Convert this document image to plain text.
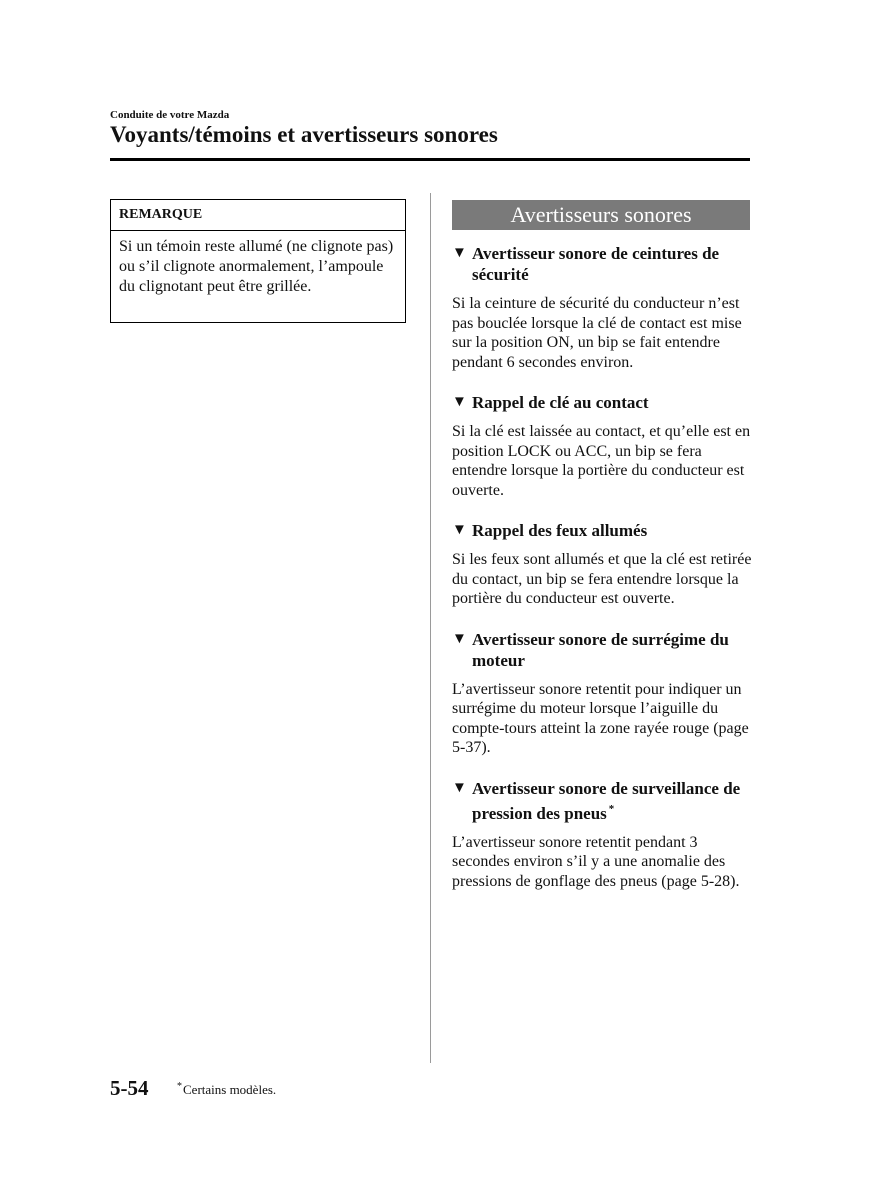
Conduite de votre Mazda
Voyants/témoins et avertisseurs sonores
REMARQUE
Si un témoin reste allumé (ne clignote pas) ou s’il clignote anormalement, l’ampoule du clignotant peut être grillée.
Avertisseurs sonores
▼ Avertisseur sonore de ceintures de sécurité
Si la ceinture de sécurité du conducteur n’est pas bouclée lorsque la clé de contact est mise sur la position ON, un bip se fait entendre pendant 6 secondes environ.
▼ Rappel de clé au contact
Si la clé est laissée au contact, et qu’elle est en position LOCK ou ACC, un bip se fera entendre lorsque la portière du conducteur est ouverte.
▼ Rappel des feux allumés
Si les feux sont allumés et que la clé est retirée du contact, un bip se fera entendre lorsque la portière du conducteur est ouverte.
▼ Avertisseur sonore de surrégime du moteur
L’avertisseur sonore retentit pour indiquer un surrégime du moteur lorsque l’aiguille du compte-tours atteint la zone rayée rouge (page 5-37).
▼ Avertisseur sonore de surveillance de pression des pneus *
L’avertisseur sonore retentit pendant 3 secondes environ s’il y a une anomalie des pressions de gonflage des pneus (page 5-28).
5-54	*Certains modèles.
